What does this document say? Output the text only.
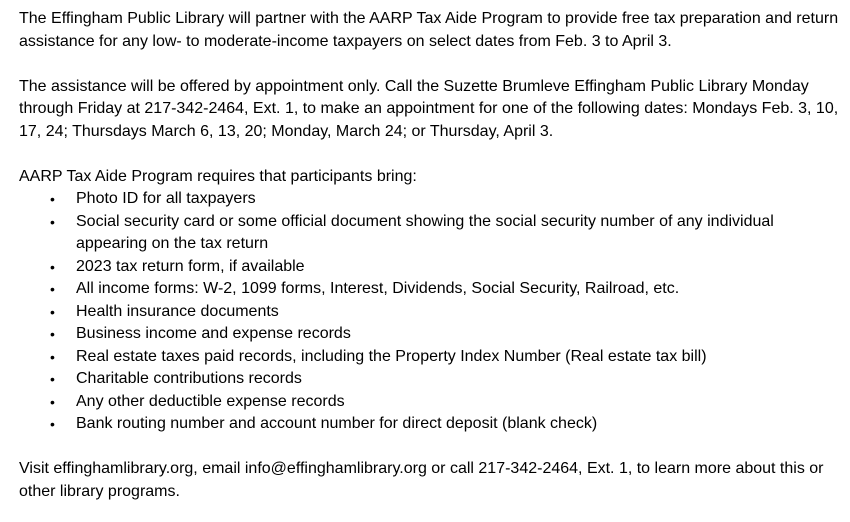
The Effingham Public Library will partner with the AARP Tax Aide Program to provide free tax preparation and return assistance for any low- to moderate-income taxpayers on select dates from Feb. 3 to April 3.

The assistance will be offered by appointment only. Call the Suzette Brumleve Effingham Public Library Monday through Friday at 217-342-2464, Ext. 1, to make an appointment for one of the following dates: Mondays Feb. 3, 10, 17, 24; Thursdays March 6, 13, 20; Monday, March 24; or Thursday, April 3.

AARP Tax Aide Program requires that participants bring:

• Photo ID for all taxpayers
• Social security card or some official document showing the social security number of any individual appearing on the tax return
• 2023 tax return form, if available
• All income forms: W-2, 1099 forms, Interest, Dividends, Social Security, Railroad, etc.
• Health insurance documents
• Business income and expense records
• Real estate taxes paid records, including the Property Index Number (Real estate tax bill)
• Charitable contributions records
• Any other deductible expense records
• Bank routing number and account number for direct deposit (blank check)

Visit effinghamlibrary.org, email info@effinghamlibrary.org or call 217-342-2464, Ext. 1, to learn more about this or other library programs.
